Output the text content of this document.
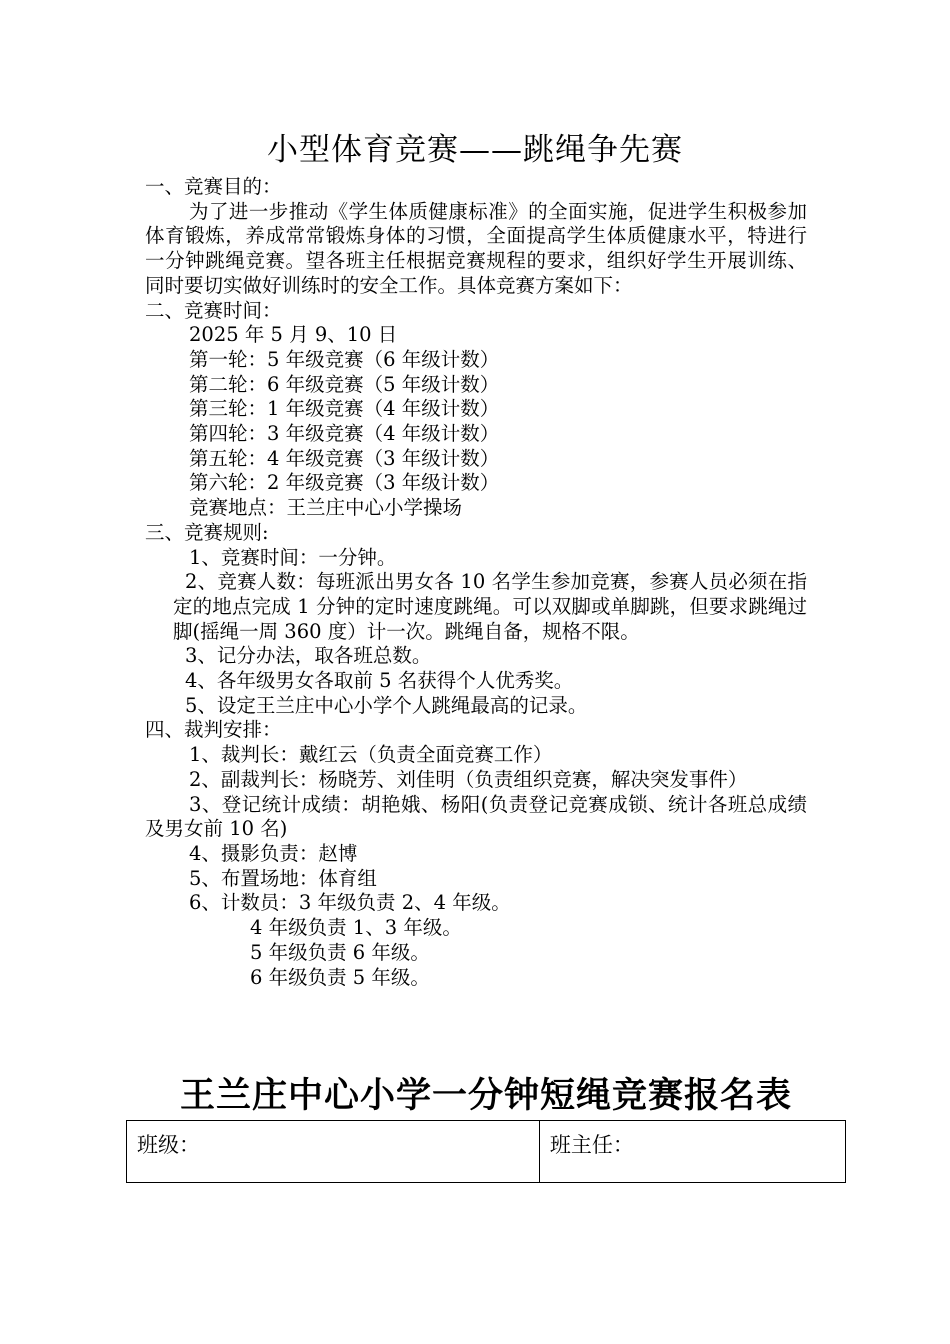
小型体育竞赛——跳绳争先赛

一、竞赛目的：

为了进一步推动《学生体质健康标准》的全面实施，促进学生积极参加体育锻炼，养成常常锻炼身体的习惯，全面提高学生体质健康水平，特进行一分钟跳绳竞赛。望各班主任根据竞赛规程的要求，组织好学生开展训练、同时要切实做好训练时的安全工作。具体竞赛方案如下：

二、竞赛时间：

2025 年 5 月 9、10 日

第一轮：5 年级竞赛（6 年级计数）

第二轮：6 年级竞赛（5 年级计数）

第三轮：1 年级竞赛（4 年级计数）

第四轮：3 年级竞赛（4 年级计数）

第五轮：4 年级竞赛（3 年级计数）

第六轮：2 年级竞赛（3 年级计数）

竞赛地点：王兰庄中心小学操场

三、竞赛规则:

1、竞赛时间：一分钟。

2、竞赛人数：每班派出男女各 10 名学生参加竞赛，参赛人员必须在指定的地点完成 1 分钟的定时速度跳绳。可以双脚或单脚跳，但要求跳绳过脚(摇绳一周 360 度）计一次。跳绳自备，规格不限。

3、记分办法，取各班总数。

4、各年级男女各取前 5 名获得个人优秀奖。

5、设定王兰庄中心小学个人跳绳最高的记录。

四、裁判安排：

1、裁判长：戴红云（负责全面竞赛工作）

2、副裁判长：杨晓芳、刘佳明（负责组织竞赛，解决突发事件）

3、登记统计成绩：胡艳娥、杨阳(负责登记竞赛成锁、统计各班总成绩及男女前 10 名)

4、摄影负责：赵博

5、布置场地：体育组

6、计数员：3 年级负责 2、4 年级。

4 年级负责 1、3 年级。

5 年级负责 6 年级。

6 年级负责 5 年级。

王兰庄中心小学一分钟短绳竞赛报名表
班级：	班主任：
